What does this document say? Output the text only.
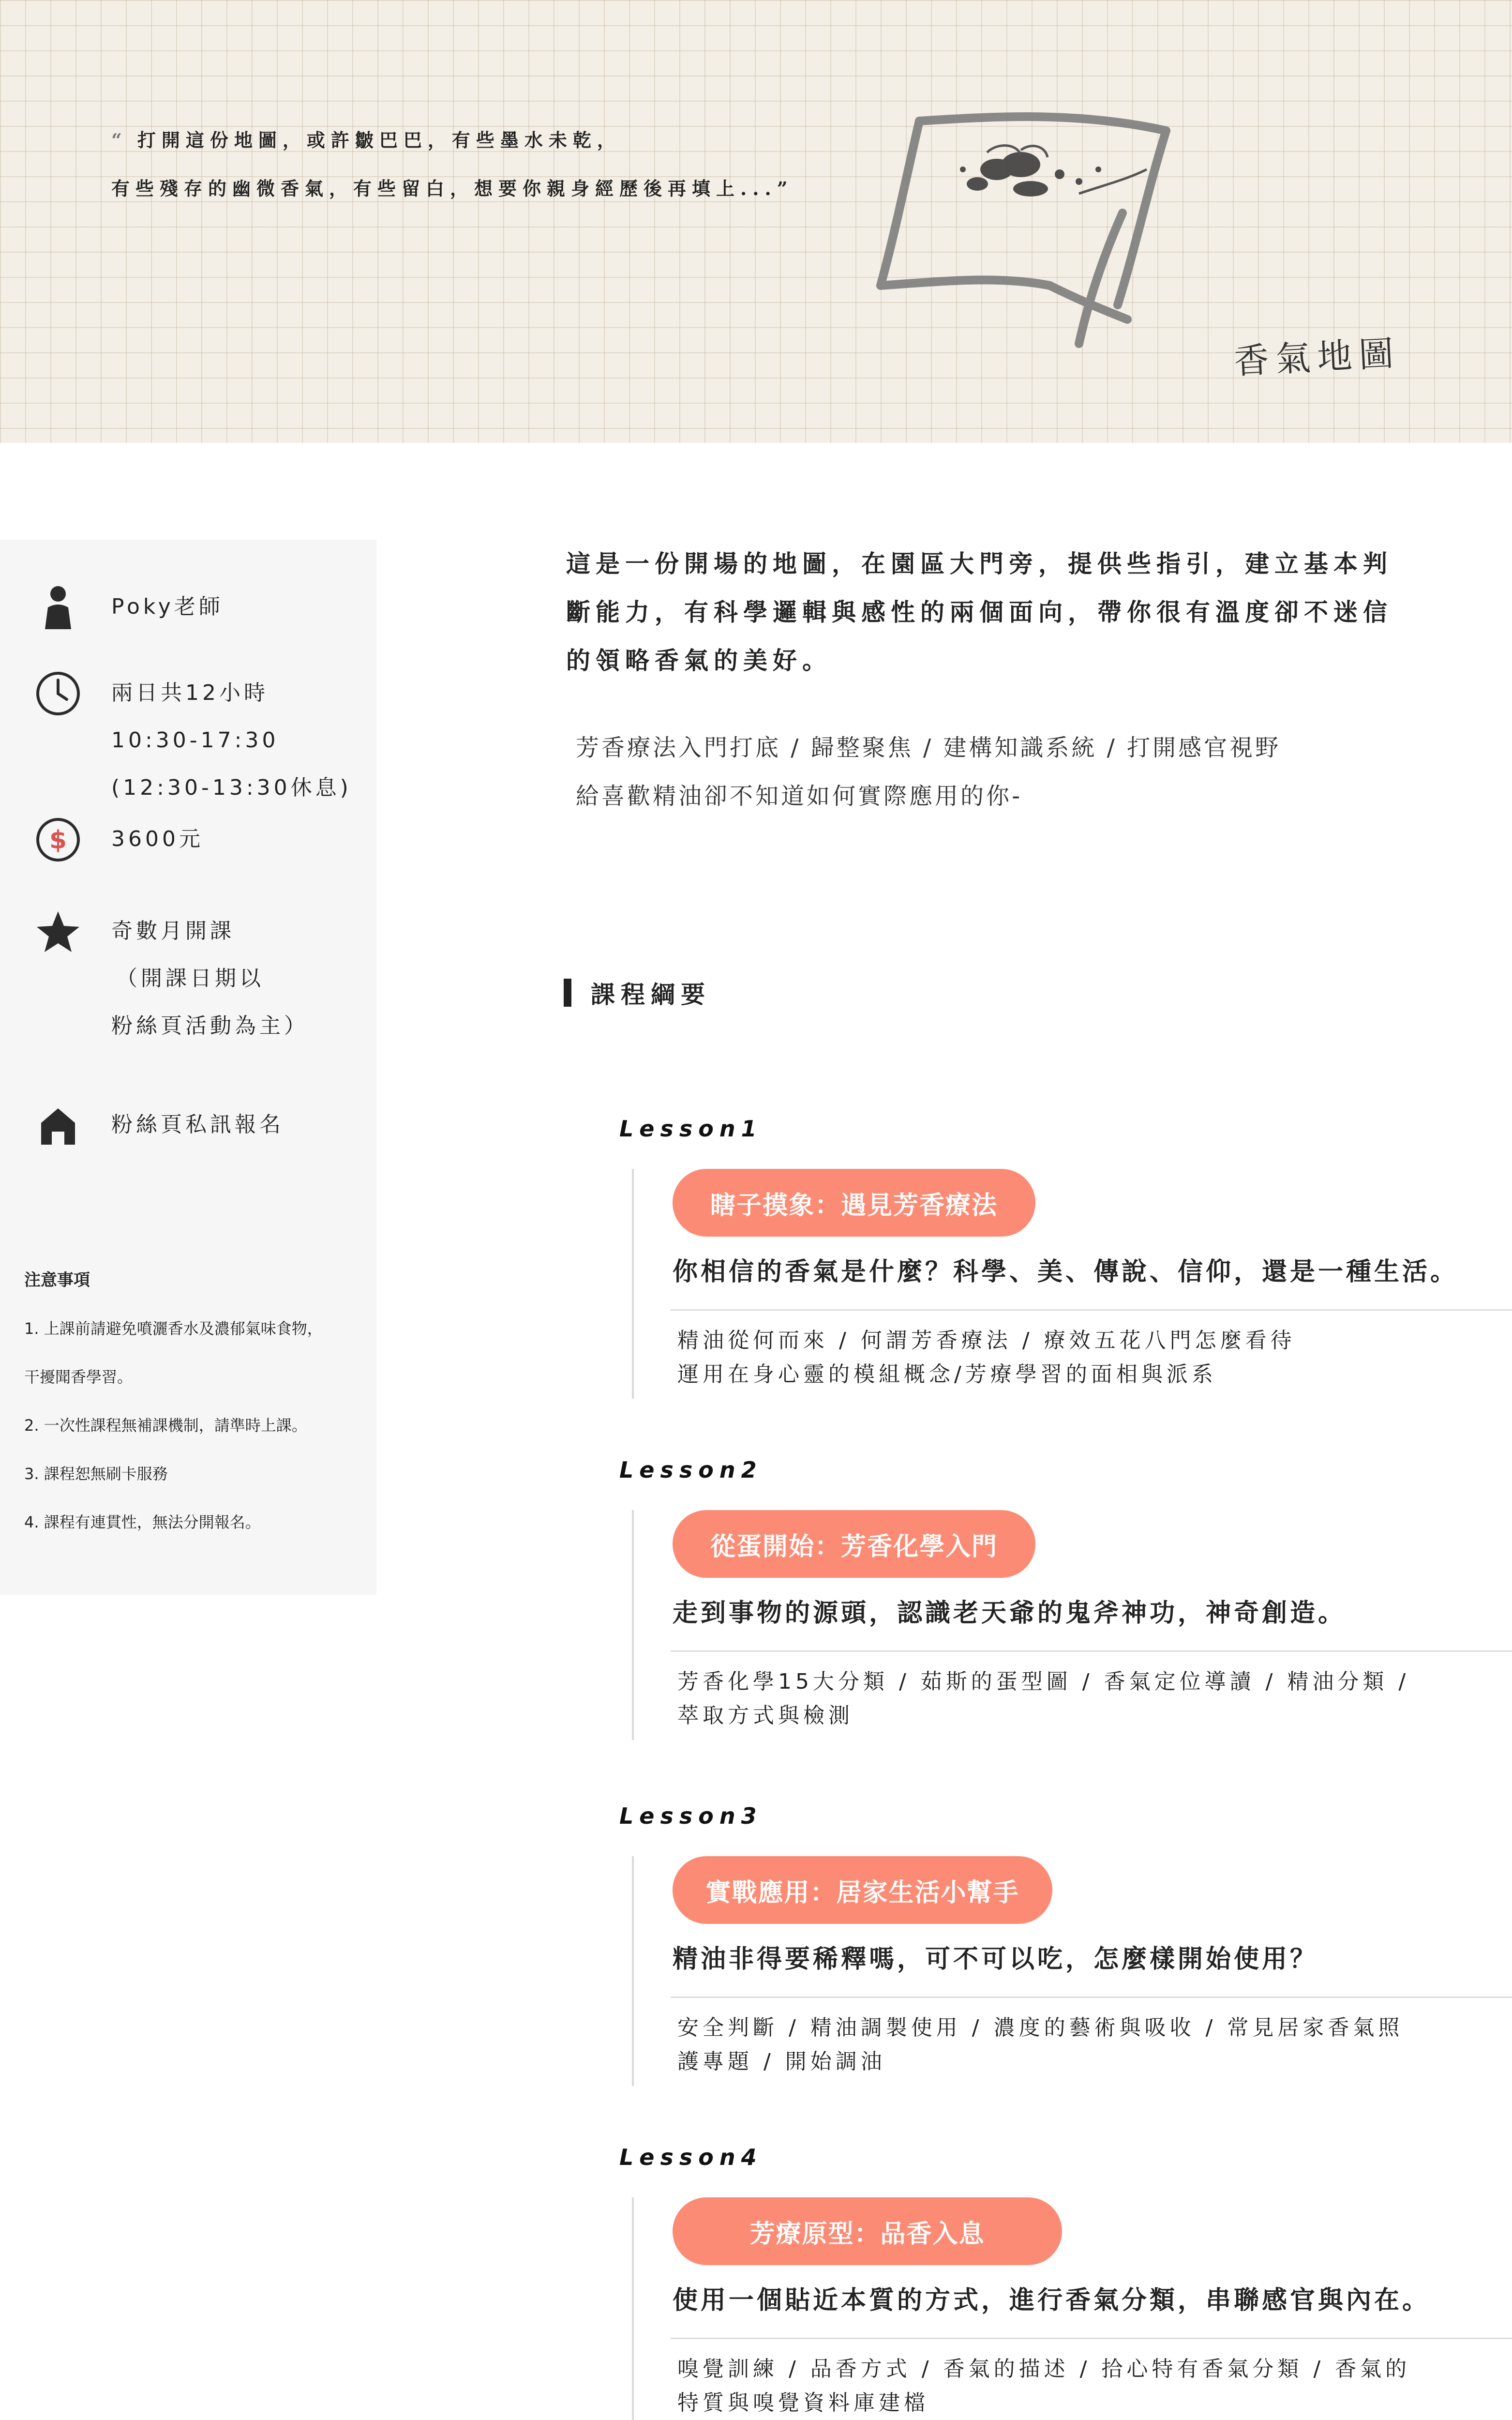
“ 打開這份地圖，或許皺巴巴，有些墨水未乾，

有些殘存的幽微香氣，有些留白，想要你親身經歷後再填上...”

香氣地圖
Poky老師
兩日共12小時
10:30-17:30
(12:30-13:30休息)
$ 3600元
奇數月開課
（開課日期以
粉絲頁活動為主）
粉絲頁私訊報名

注意事項

1. 上課前請避免噴灑香水及濃郁氣味食物，

干擾聞香學習。

2. 一次性課程無補課機制，請準時上課。

3. 課程恕無刷卡服務

4. 課程有連貫性，無法分開報名。

這是一份開場的地圖，在園區大門旁，提供些指引，建立基本判

斷能力，有科學邏輯與感性的兩個面向，帶你很有溫度卻不迷信

的領略香氣的美好。

芳香療法入門打底 / 歸整聚焦 / 建構知識系統 / 打開感官視野

給喜歡精油卻不知道如何實際應用的你-

課程綱要
Lesson1
瞎子摸象：遇見芳香療法
你相信的香氣是什麼？科學、美、傳說、信仰，還是一種生活。
精油從何而來 / 何謂芳香療法 / 療效五花八門怎麼看待
運用在身心靈的模組概念/芳療學習的面相與派系
Lesson2
從蛋開始：芳香化學入門
走到事物的源頭，認識老天爺的鬼斧神功，神奇創造。
芳香化學15大分類 / 茹斯的蛋型圖 / 香氣定位導讀 / 精油分類 /
萃取方式與檢測
Lesson3
實戰應用：居家生活小幫手
精油非得要稀釋嗎，可不可以吃，怎麼樣開始使用？
安全判斷 / 精油調製使用 / 濃度的藝術與吸收 / 常見居家香氣照
護專題 / 開始調油
Lesson4
芳療原型：品香入息
使用一個貼近本質的方式，進行香氣分類，串聯感官與內在。
嗅覺訓練 / 品香方式 / 香氣的描述 / 拾心特有香氣分類 / 香氣的
特質與嗅覺資料庫建檔
